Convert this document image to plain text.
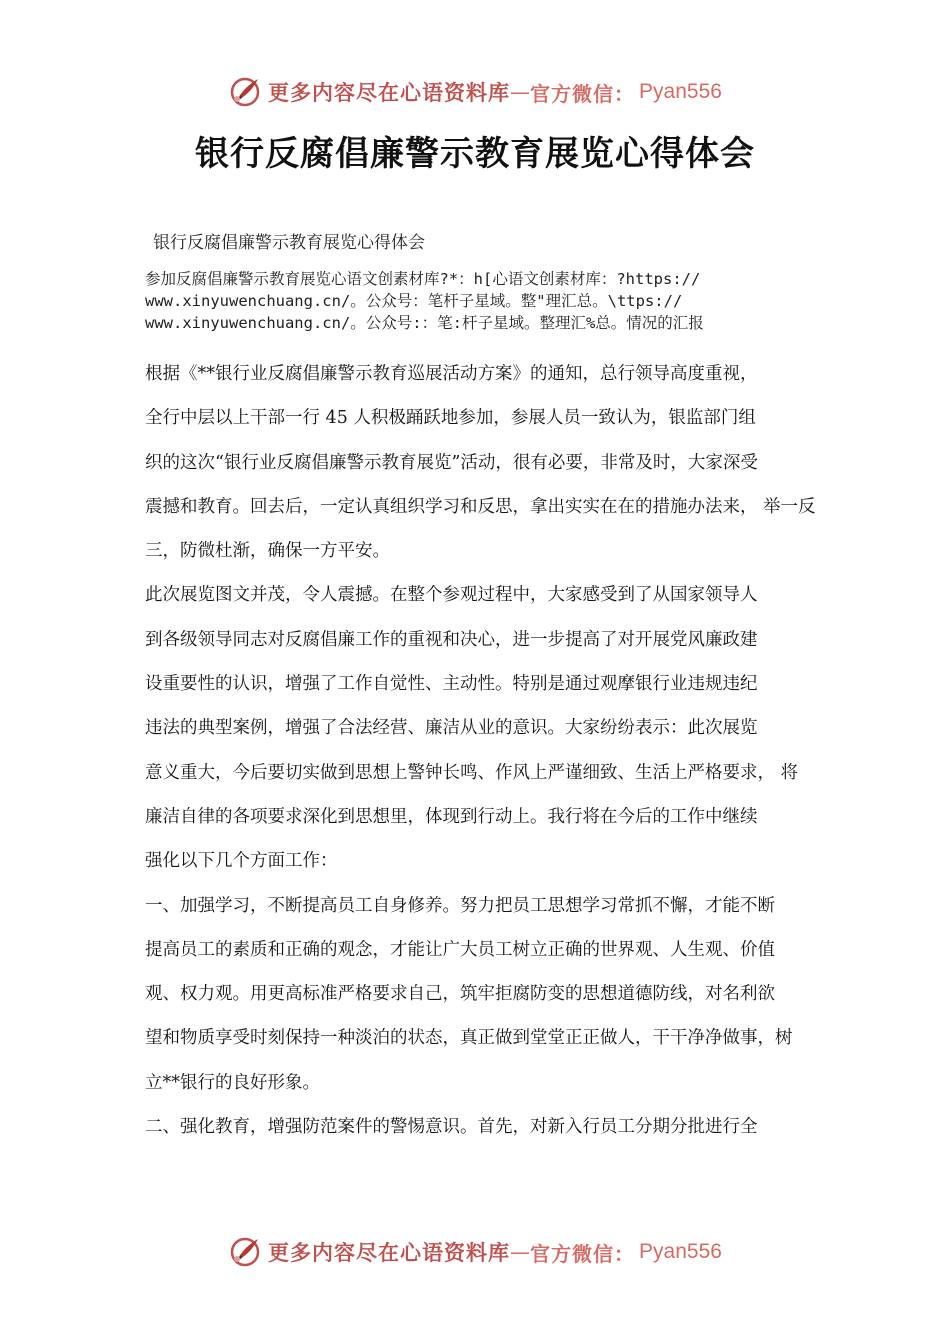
更多内容尽在心语资料库 — 官方微信： Pyan556
银行反腐倡廉警示教育展览心得体会

银行反腐倡廉警示教育展览心得体会

参加反腐倡廉警示教育展览心语文创素材库?*：h[心语文创素材库：?https://
www.xinyuwenchuang.cn/。公众号：笔杆子星域。整"理汇总。\ttps://
www.xinyuwenchuang.cn/。公众号:：笔:杆子星域。整理汇%总。情况的汇报
根据《**银行业反腐倡廉警示教育巡展活动方案》的通知，总行领导高度重视，
全行中层以上干部一行 45 人积极踊跃地参加，参展人员一致认为，银监部门组
织的这次“银行业反腐倡廉警示教育展览”活动，很有必要，非常及时，大家深受
震撼和教育。回去后，一定认真组织学习和反思，拿出实实在在的措施办法来， 举一反
三，防微杜渐，确保一方平安。
此次展览图文并茂，令人震撼。在整个参观过程中，大家感受到了从国家领导人
到各级领导同志对反腐倡廉工作的重视和决心，进一步提高了对开展党风廉政建
设重要性的认识，增强了工作自觉性、主动性。特别是通过观摩银行业违规违纪
违法的典型案例，增强了合法经营、廉洁从业的意识。大家纷纷表示：此次展览
意义重大，今后要切实做到思想上警钟长鸣、作风上严谨细致、生活上严格要求， 将
廉洁自律的各项要求深化到思想里，体现到行动上。我行将在今后的工作中继续
强化以下几个方面工作：
一、加强学习，不断提高员工自身修养。努力把员工思想学习常抓不懈，才能不断
提高员工的素质和正确的观念，才能让广大员工树立正确的世界观、人生观、价值
观、权力观。用更高标准严格要求自己，筑牢拒腐防变的思想道德防线，对名利欲
望和物质享受时刻保持一种淡泊的状态，真正做到堂堂正正做人，干干净净做事，树
立**银行的良好形象。
二、强化教育，增强防范案件的警惕意识。首先，对新入行员工分期分批进行全
更多内容尽在心语资料库 — 官方微信： Pyan556
